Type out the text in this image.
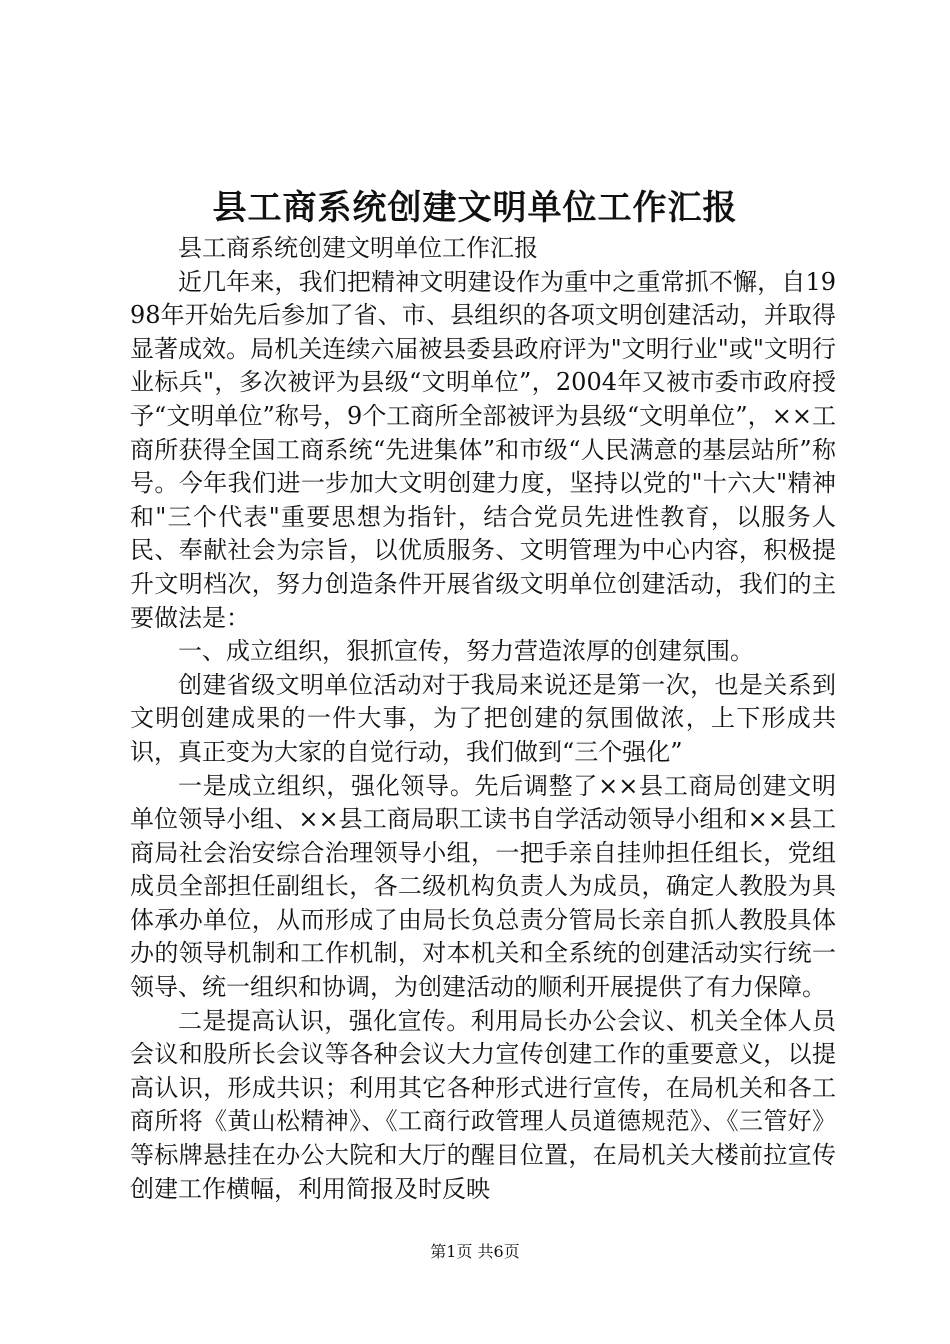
县工商系统创建文明单位工作汇报

县工商系统创建文明单位工作汇报

近几年来，我们把精神文明建设作为重中之重常抓不懈，自1998年开始先后参加了省、市、县组织的各项文明创建活动，并取得显著成效。局机关连续六届被县委县政府评为"文明行业"或"文明行业标兵"，多次被评为县级“文明单位”，2004年又被市委市政府授予“文明单位”称号，9个工商所全部被评为县级“文明单位”，××工商所获得全国工商系统“先进集体”和市级“人民满意的基层站所”称号。今年我们进一步加大文明创建力度，坚持以党的"十六大"精神和"三个代表"重要思想为指针，结合党员先进性教育，以服务人民、奉献社会为宗旨，以优质服务、文明管理为中心内容，积极提升文明档次，努力创造条件开展省级文明单位创建活动，我们的主要做法是：

一、成立组织，狠抓宣传，努力营造浓厚的创建氛围。

创建省级文明单位活动对于我局来说还是第一次，也是关系到文明创建成果的一件大事，为了把创建的氛围做浓，上下形成共识，真正变为大家的自觉行动，我们做到“三个强化”

一是成立组织，强化领导。先后调整了××县工商局创建文明单位领导小组、××县工商局职工读书自学活动领导小组和××县工商局社会治安综合治理领导小组，一把手亲自挂帅担任组长，党组成员全部担任副组长，各二级机构负责人为成员，确定人教股为具体承办单位，从而形成了由局长负总责分管局长亲自抓人教股具体办的领导机制和工作机制，对本机关和全系统的创建活动实行统一领导、统一组织和协调，为创建活动的顺利开展提供了有力保障。

二是提高认识，强化宣传。利用局长办公会议、机关全体人员会议和股所长会议等各种会议大力宣传创建工作的重要意义，以提高认识，形成共识；利用其它各种形式进行宣传，在局机关和各工商所将《黄山松精神》、《工商行政管理人员道德规范》、《三管好》等标牌悬挂在办公大院和大厅的醒目位置，在局机关大楼前拉宣传创建工作横幅，利用简报及时反映

第1页 共6页
